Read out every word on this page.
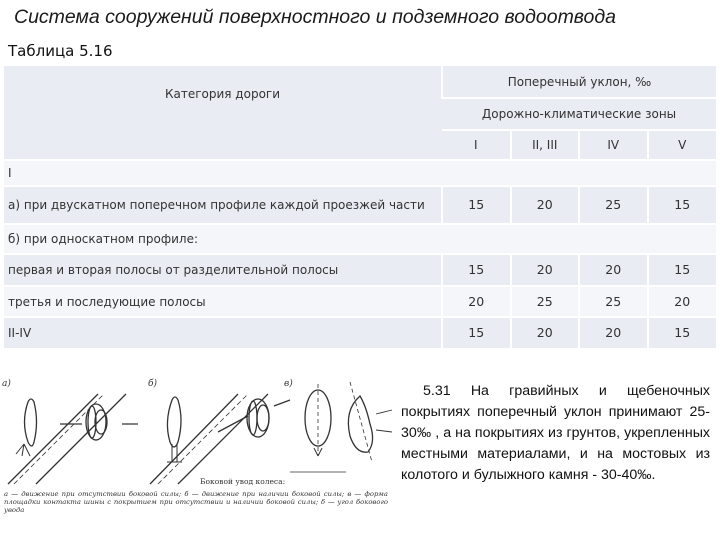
Система сооружений поверхностного и подземного водоотвода
Таблица 5.16
Категория дороги	Поперечный уклон, ‰			
	Дорожно-климатические зоны			
	I	II, III	IV	V
I				
а) при двускатном поперечном профиле каждой проезжей части	15	20	25	15
б) при односкатном профиле:				
первая и вторая полосы от разделительной полосы	15	20	20	15
третья и последующие полосы	20	25	25	20
II-IV	15	20	20	15
а)	б)	в)
Боковой увод колеса:
а — движение при отсутствии боковой силы; б — движение при наличии боковой силы; в — форма площадки контакта шины с покрытием при отсутствии и наличии боковой силы; δ — угол бокового увода
5.31 На гравийных и щебеночных покрытиях поперечный уклон принимают 25-30‰ , а на покрытиях из грунтов, укрепленных местными материалами, и на мостовых из колотого и булыжного камня - 30-40‰.
